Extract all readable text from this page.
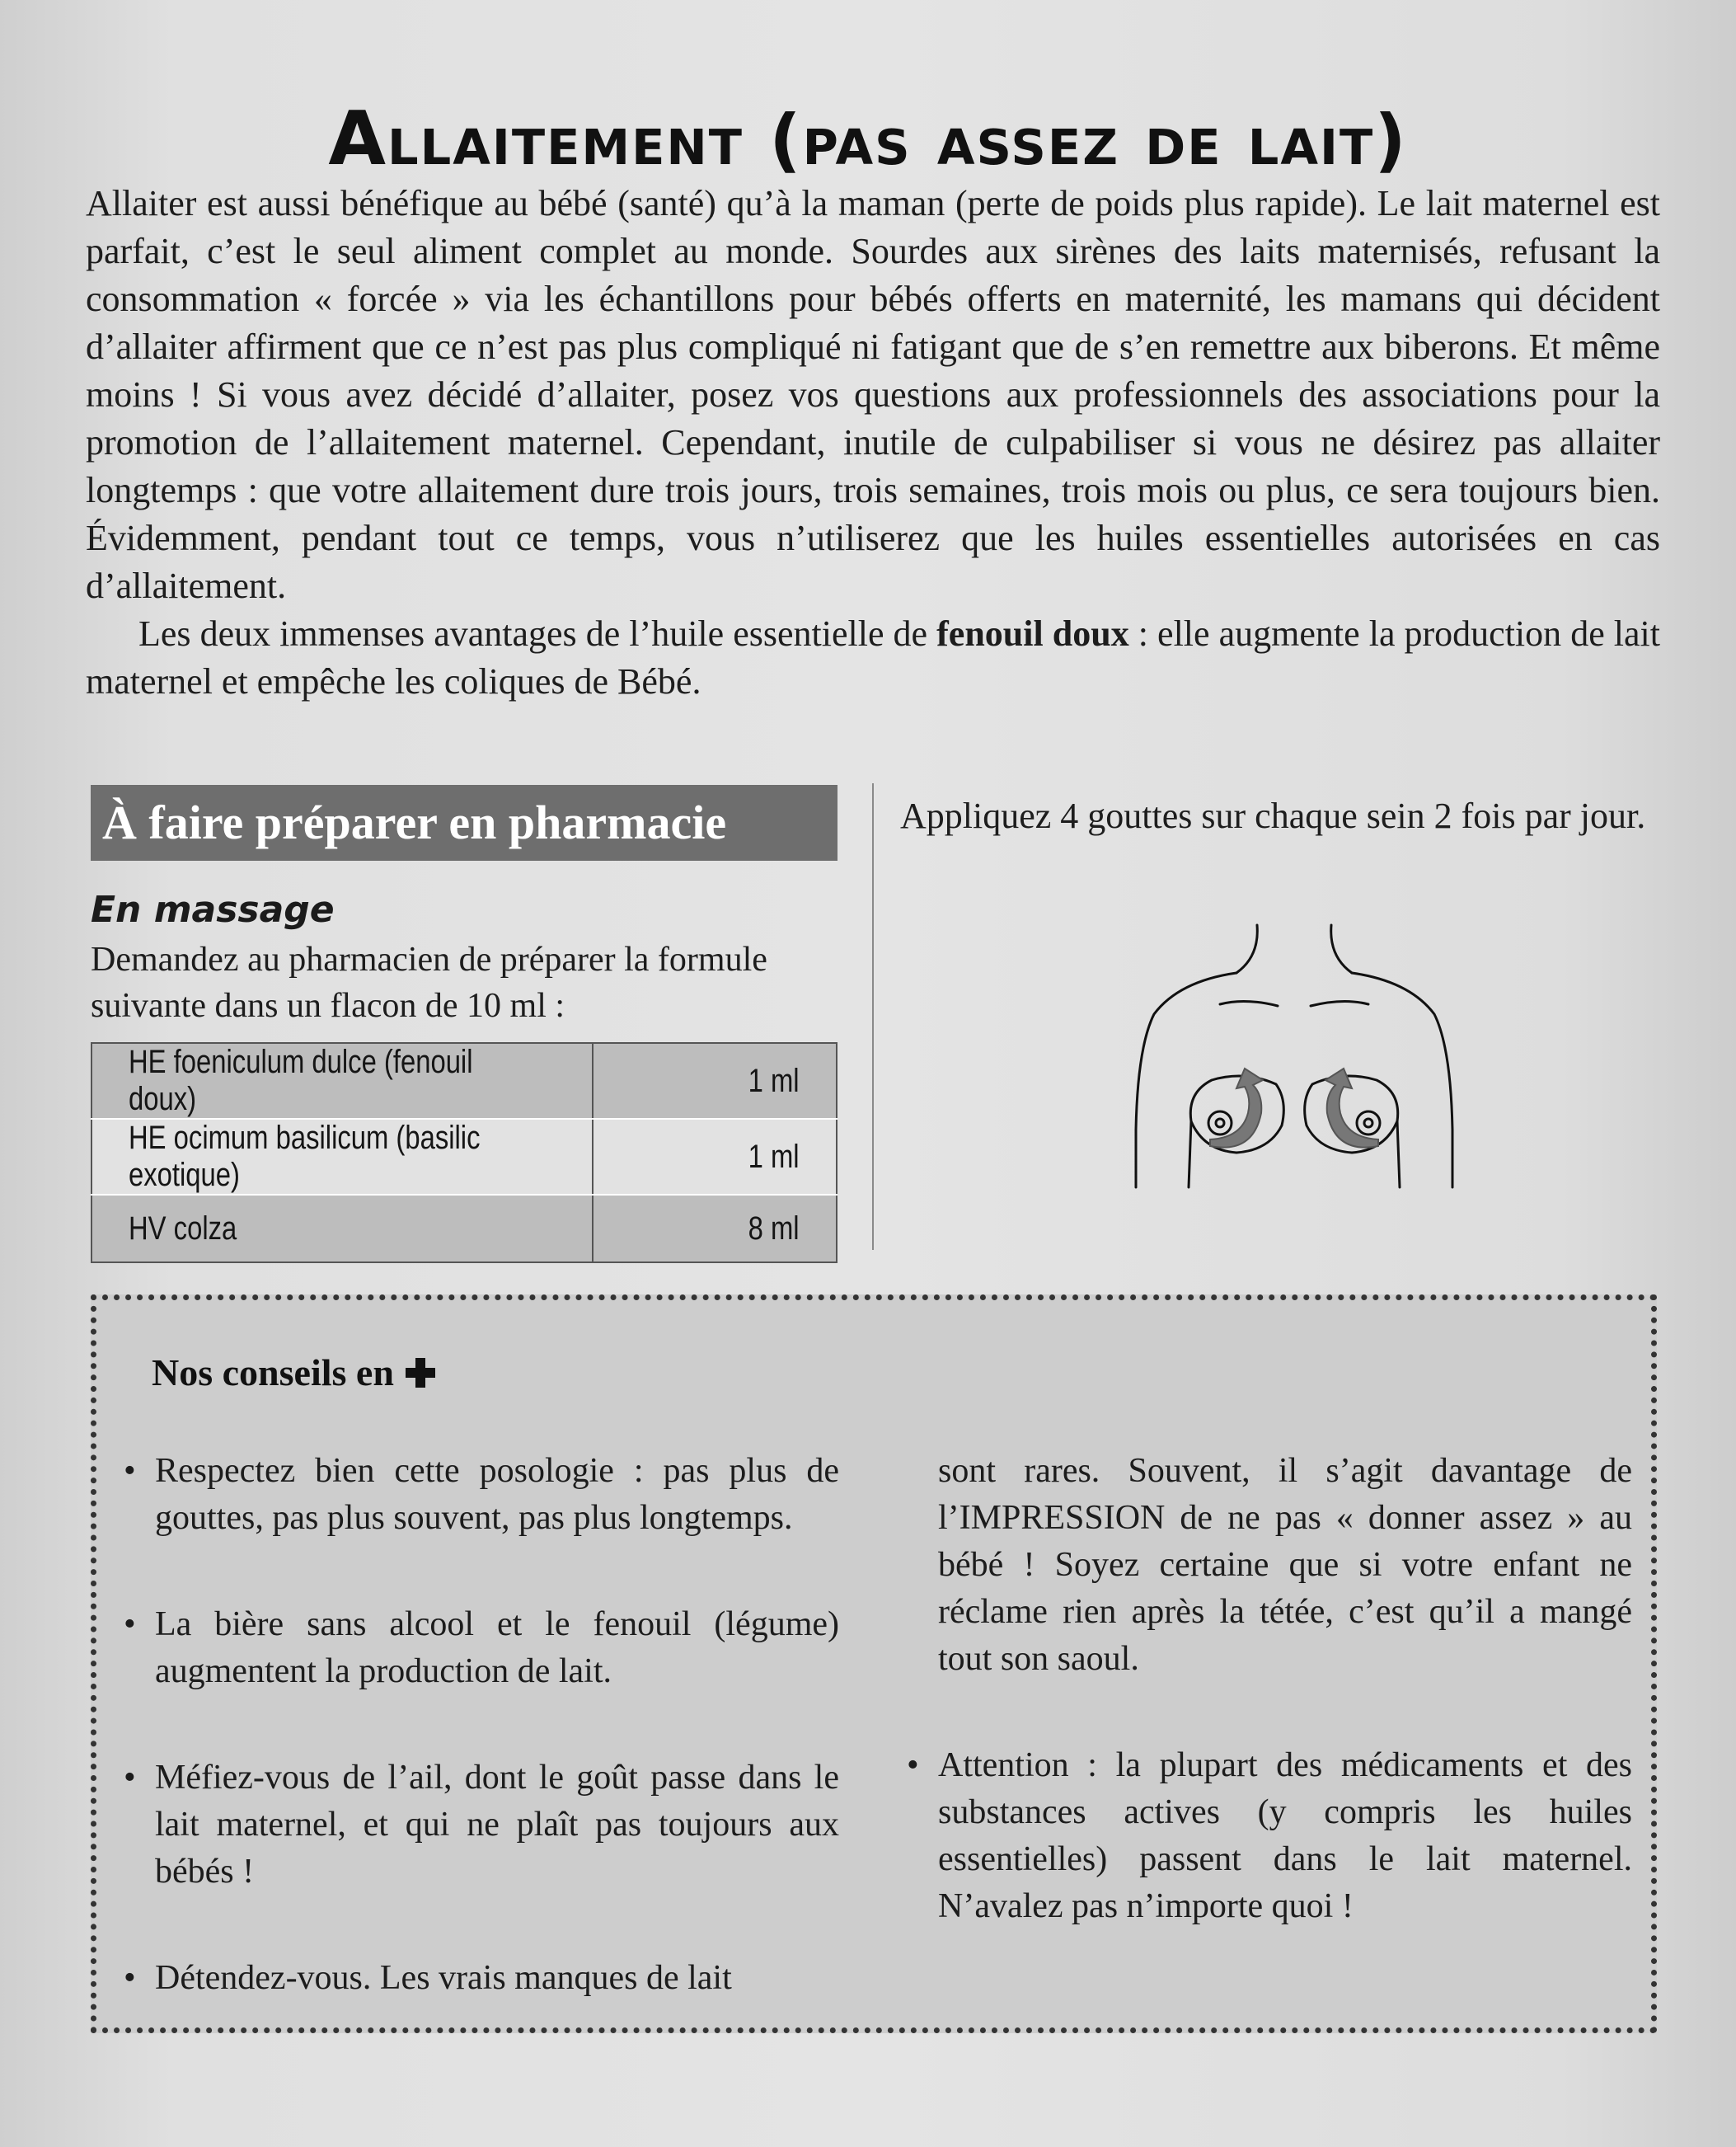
Allaitement (pas assez de lait)

Allaiter est aussi bénéfique au bébé (santé) qu’à la maman (perte de poids plus rapide). Le lait maternel est parfait, c’est le seul aliment complet au monde. Sourdes aux sirènes des laits maternisés, refusant la consommation « forcée » via les échantillons pour bébés offerts en maternité, les mamans qui décident d’allaiter affirment que ce n’est pas plus compliqué ni fatigant que de s’en remettre aux biberons. Et même moins ! Si vous avez décidé d’allaiter, posez vos questions aux professionnels des associations pour la promotion de l’allaitement maternel. Cependant, inutile de culpabiliser si vous ne désirez pas allaiter longtemps : que votre allaitement dure trois jours, trois semaines, trois mois ou plus, ce sera toujours bien. Évidemment, pendant tout ce temps, vous n’utiliserez que les huiles essentielles autorisées en cas d’allaitement.

Les deux immenses avantages de l’huile essentielle de fenouil doux : elle augmente la production de lait maternel et empêche les coliques de Bébé.

À faire préparer en pharmacie
En massage
Demandez au pharmacien de préparer la formule suivante dans un flacon de 10 ml :
HE foeniculum dulce (fenouil doux)	1 ml
HE ocimum basilicum (basilic exotique)	1 ml
HV colza	8 ml
Appliquez 4 gouttes sur chaque sein 2 fois par jour.
Nos conseils en
• Respectez bien cette posologie : pas plus de gouttes, pas plus souvent, pas plus longtemps.
• La bière sans alcool et le fenouil (légume) augmentent la production de lait.
• Méfiez-vous de l’ail, dont le goût passe dans le lait maternel, et qui ne plaît pas toujours aux bébés !
• Détendez-vous. Les vrais manques de lait
sont rares. Souvent, il s’agit davantage de l’IMPRESSION de ne pas « donner assez » au bébé ! Soyez certaine que si votre enfant ne réclame rien après la tétée, c’est qu’il a mangé tout son saoul.
• Attention : la plupart des médicaments et des substances actives (y compris les huiles essentielles) passent dans le lait maternel. N’avalez pas n’importe quoi !
